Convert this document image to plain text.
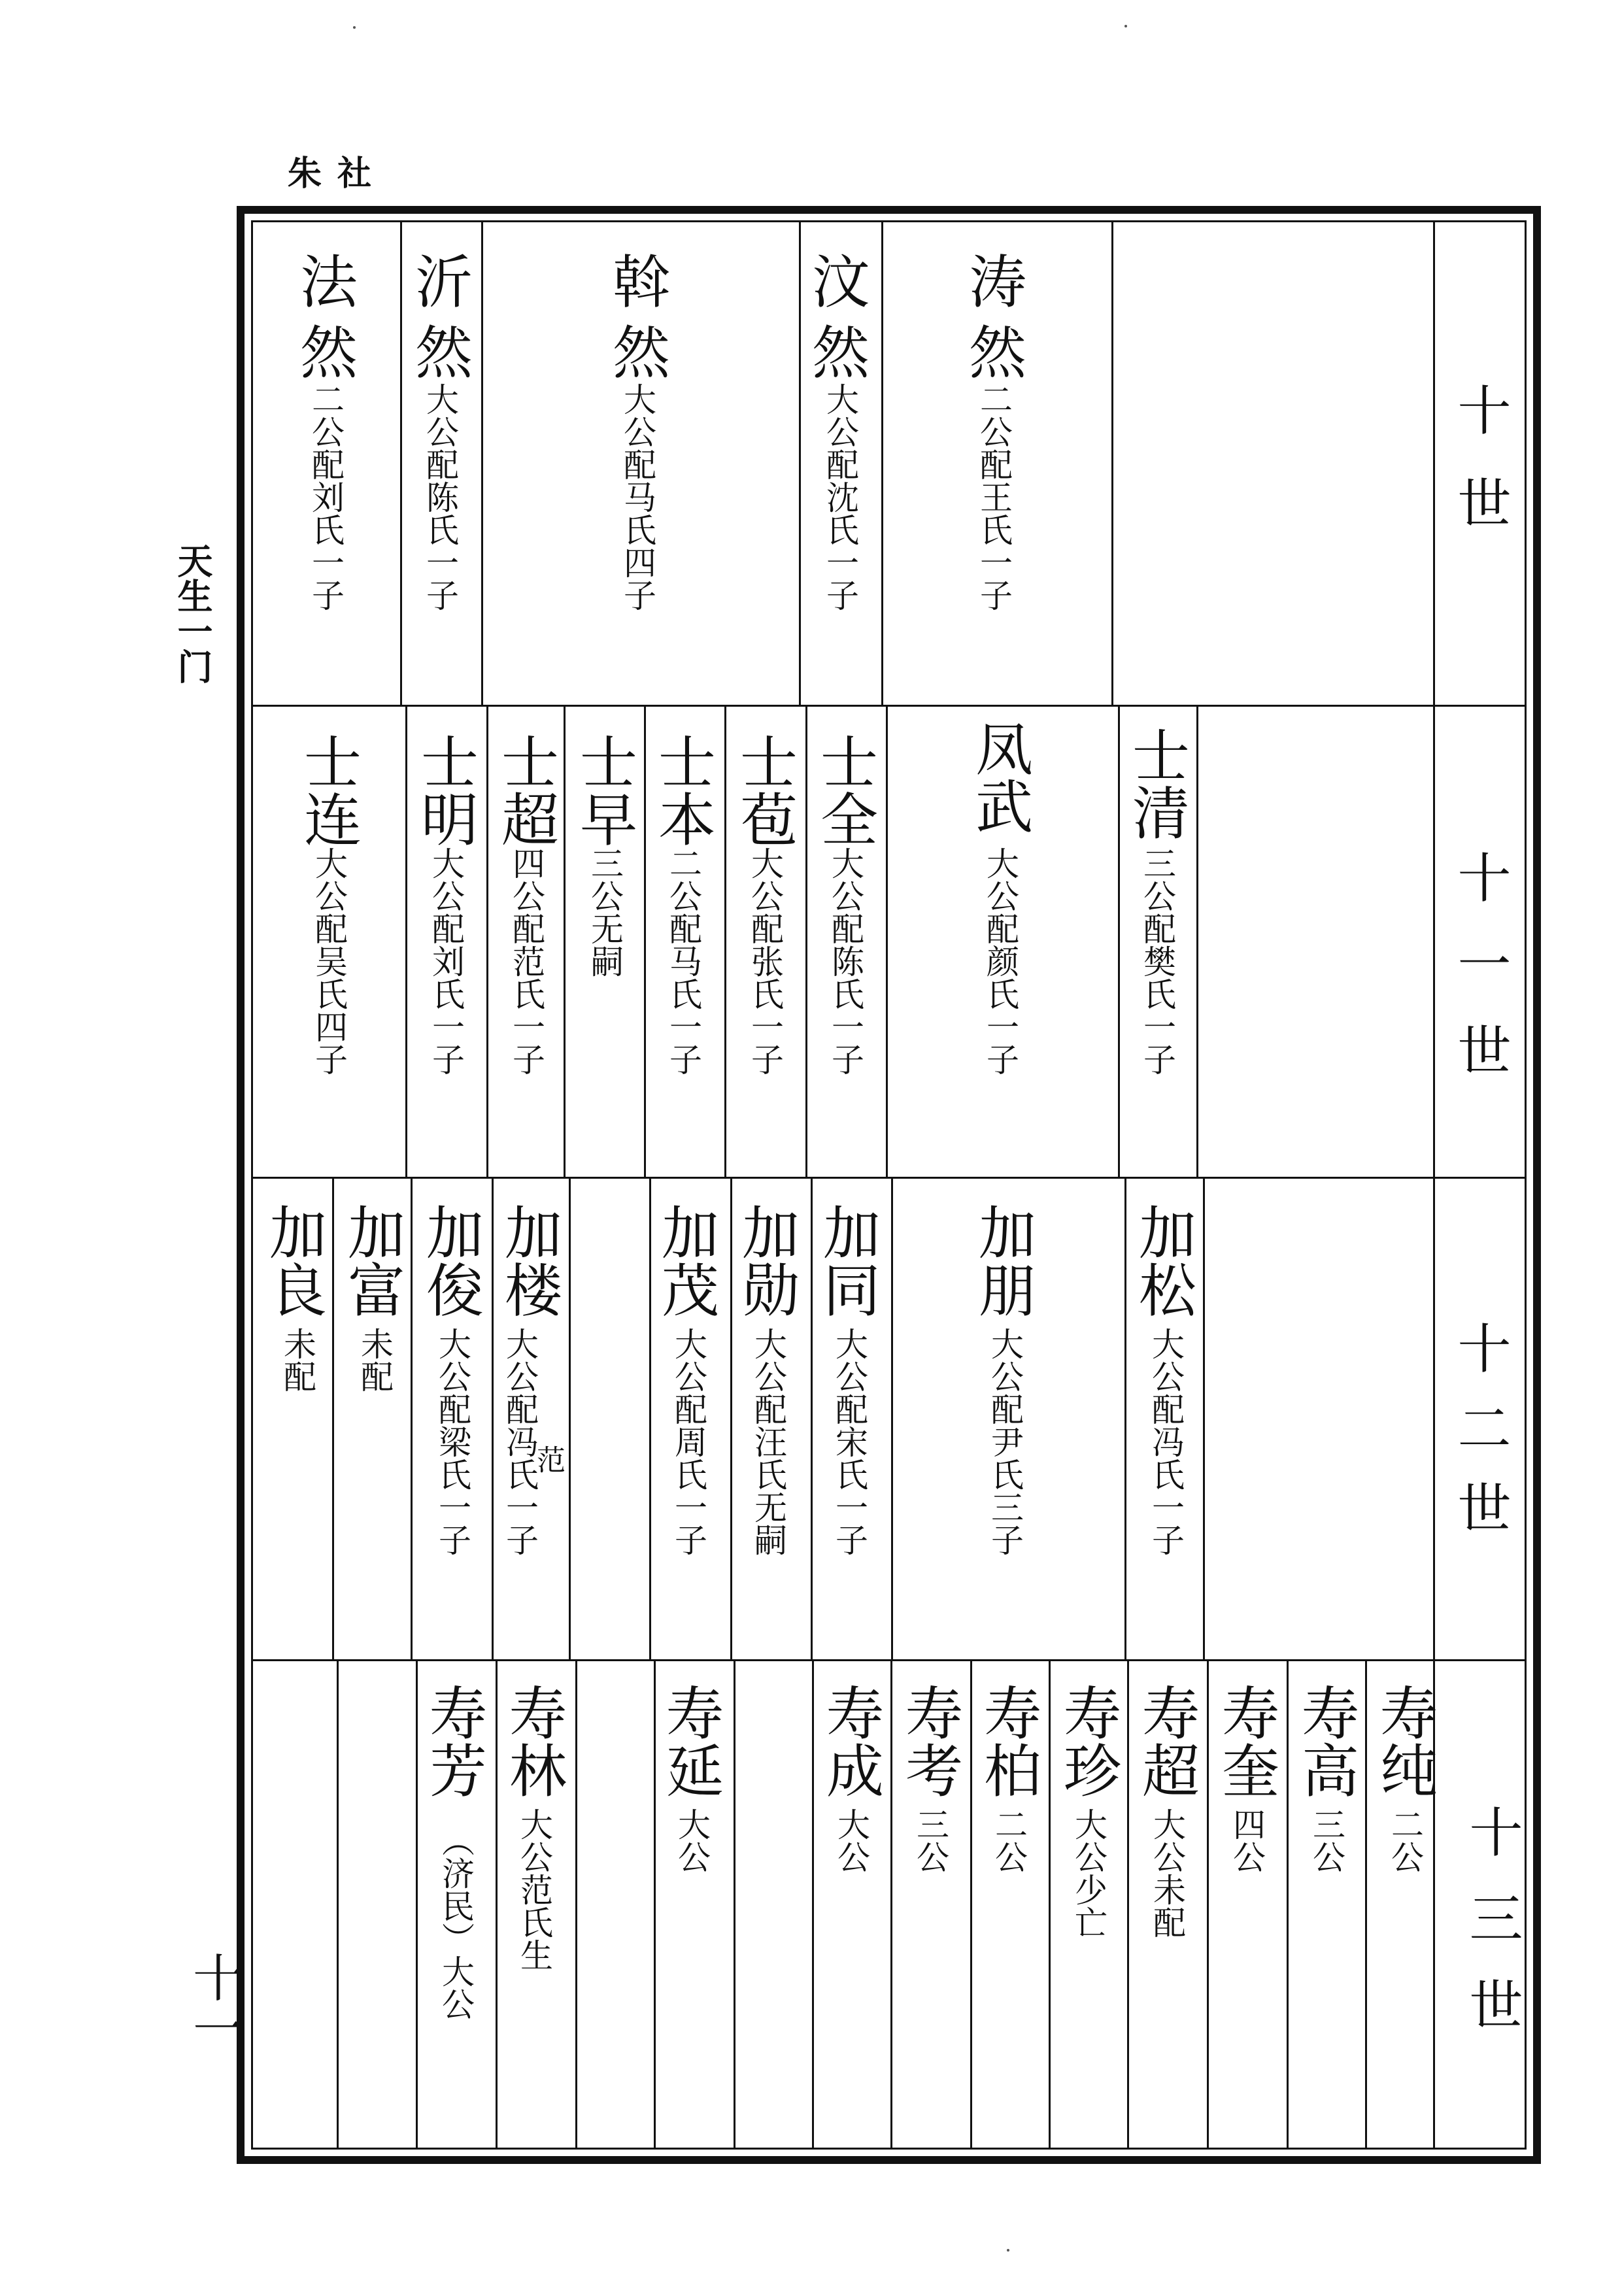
朱社
天生一门
十一
十世
十一世
十二世
十三世
法然
二公配刘氏一子
沂然
大公配陈氏一子
斡然
大公配马氏四子
汶然
大公配沈氏一子
涛然
二公配王氏一子
士连
大公配吴氏四子
士明
大公配刘氏一子
士超
四公配范氏一子
士早
三公无嗣
士本
二公配马氏一子
士苞
大公配张氏一子
士全
大公配陈氏一子
凤武
大公配颜氏一子
士清
三公配樊氏一子
加良
未配
加富
未配
加俊
大公配梁氏一子
加楼
大公配冯氏一子
范
加茂
大公配周氏一子
加勋
大公配汪氏无嗣
加同
大公配宋氏一子
加朋
大公配尹氏三子
加松
大公配冯氏一子
寿芳
（济民）大公
寿林
大公范氏生
寿延
大公
寿成
大公
寿考
三公
寿柏
二公
寿珍
大公少亡
寿超
大公未配
寿奎
四公
寿高
三公
寿纯
二公
